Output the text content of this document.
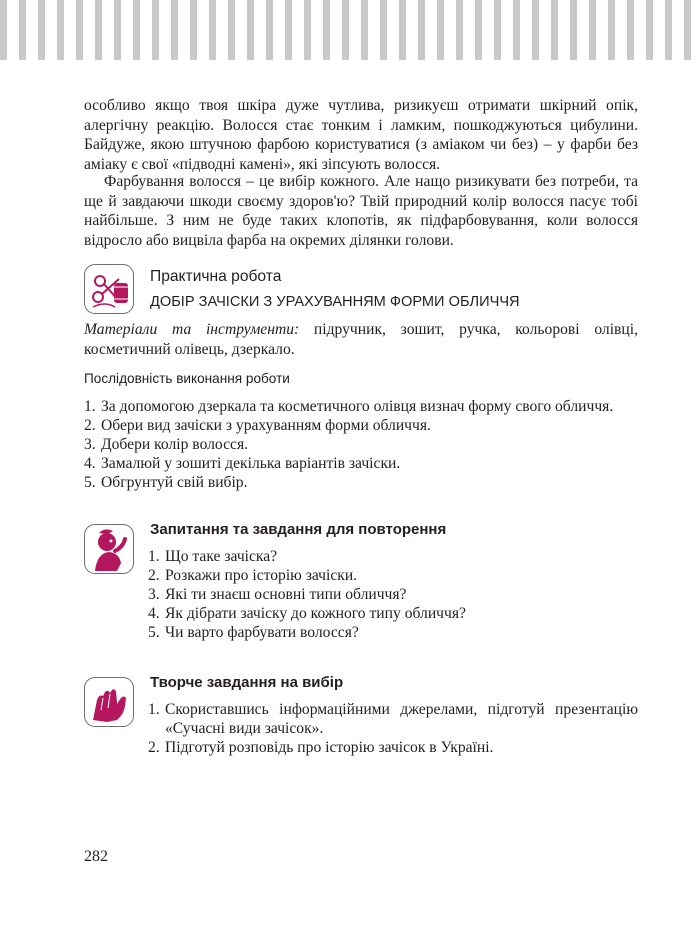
особливо якщо твоя шкіра дуже чутлива, ризикуєш отримати шкірний опік, алергічну реакцію. Волосся стає тонким і ламким, пошкоджуються цибулини. Байдуже, якою штучною фарбою користуватися (з аміаком чи без) – у фарби без аміаку є свої «підводні камені», які зіпсують волосся.

Фарбування волосся – це вибір кожного. Але нащо ризикувати без потреби, та ще й завдаючи шкоди своєму здоров'ю? Твій природний колір волосся пасує тобі найбільше. З ним не буде таких клопотів, як підфарбовування, коли волосся відросло або вицвіла фарба на окремих ділянки голови.

Практична робота

ДОБІР ЗАЧІСКИ З УРАХУВАННЯМ ФОРМИ ОБЛИЧЧЯ

Матеріали та інструменти: підручник, зошит, ручка, кольорові олівці, косметичний олівець, дзеркало.

Послідовність виконання роботи

1. За допомогою дзеркала та косметичного олівця визнач форму свого обличчя.
2. Обери вид зачіски з урахуванням форми обличчя.
3. Добери колір волосся.
4. Замалюй у зошиті декілька варіантів зачіски.
5. Обгрунтуй свій вибір.

Запитання та завдання для повторення

1. Що таке зачіска?
2. Розкажи про історію зачіски.
3. Які ти знаєш основні типи обличчя?
4. Як дібрати зачіску до кожного типу обличчя?
5. Чи варто фарбувати волосся?

Творче завдання на вибір

1. Скориставшись інформаційними джерелами, підготуй презентацію «Сучасні види зачісок».
2. Підготуй розповідь про історію зачісок в Україні.

282
